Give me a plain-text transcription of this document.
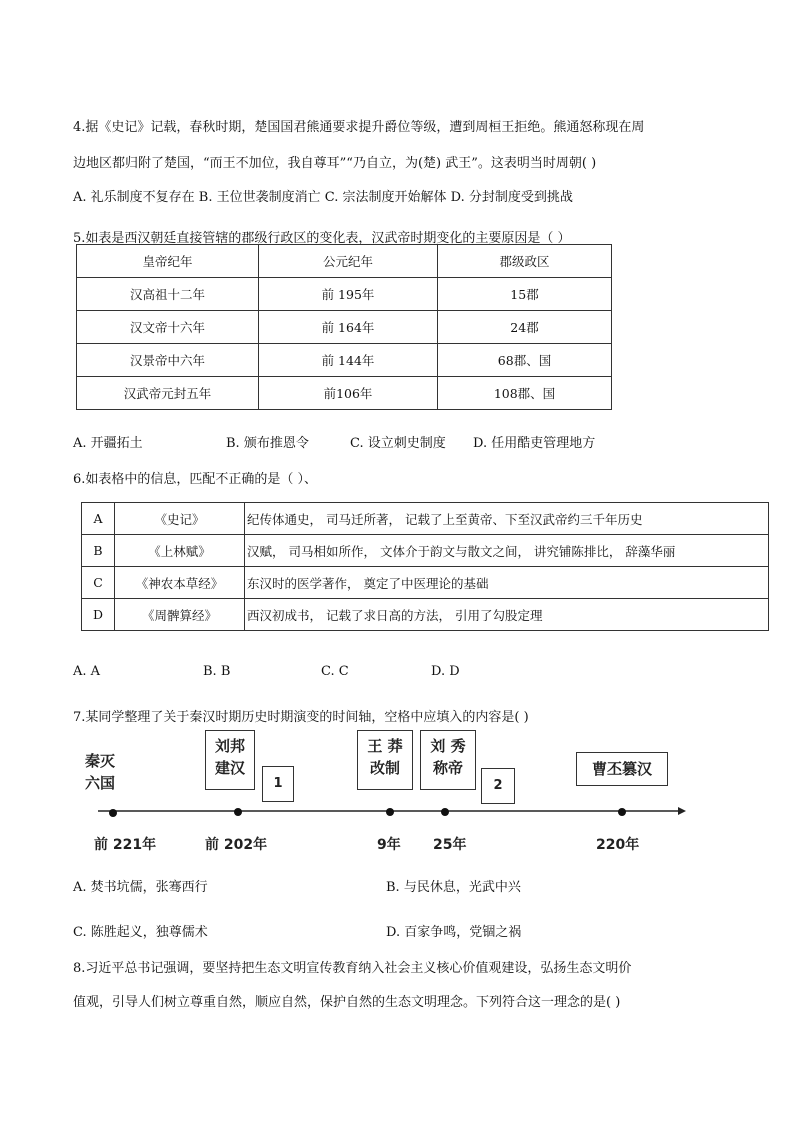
4.据《史记》记载，春秋时期，楚国国君熊通要求提升爵位等级，遭到周桓王拒绝。熊通怒称现在周
边地区都归附了楚国，“而王不加位，我自尊耳”“乃自立，为(楚) 武王”。这表明当时周朝( )
A. 礼乐制度不复存在 B. 王位世袭制度消亡 C. 宗法制度开始解体 D. 分封制度受到挑战
5.如表是西汉朝廷直接管辖的郡级行政区的变化表，汉武帝时期变化的主要原因是（ ）
皇帝纪年	公元纪年	郡级政区
汉高祖十二年	前 195年	15郡
汉文帝十六年	前 164年	24郡
汉景帝中六年	前 144年	68郡、国
汉武帝元封五年	前106年	108郡、国
A. 开疆拓土	B. 颁布推恩令	C. 设立刺史制度 D. 任用酷吏管理地方
6.如表格中的信息，匹配不正确的是（ ）、
A	《史记》	纪传体通史， 司马迁所著， 记载了上至黄帝、下至汉武帝约三千年历史
B	《上林赋》	汉赋， 司马相如所作， 文体介于韵文与散文之间， 讲究铺陈排比， 辞藻华丽
C	《神农本草经》	东汉时的医学著作， 奠定了中医理论的基础
D	《周髀算经》	西汉初成书， 记载了求日高的方法， 引用了勾股定理
A. A	B. B	C. C	D. D
7.某同学整理了关于秦汉时期历史时期演变的时间轴，空格中应填入的内容是( )
秦灭
六国
刘邦
建汉
1
王 莽
改制
刘 秀
称帝
2
曹丕篡汉
前 221年	前 202年	9年 25年	220年
A. 焚书坑儒，张骞西行	B. 与民休息，光武中兴
C. 陈胜起义，独尊儒术	D. 百家争鸣，党锢之祸
8.习近平总书记强调，要坚持把生态文明宣传教育纳入社会主义核心价值观建设，弘扬生态文明价
值观，引导人们树立尊重自然，顺应自然，保护自然的生态文明理念。下列符合这一理念的是( )
